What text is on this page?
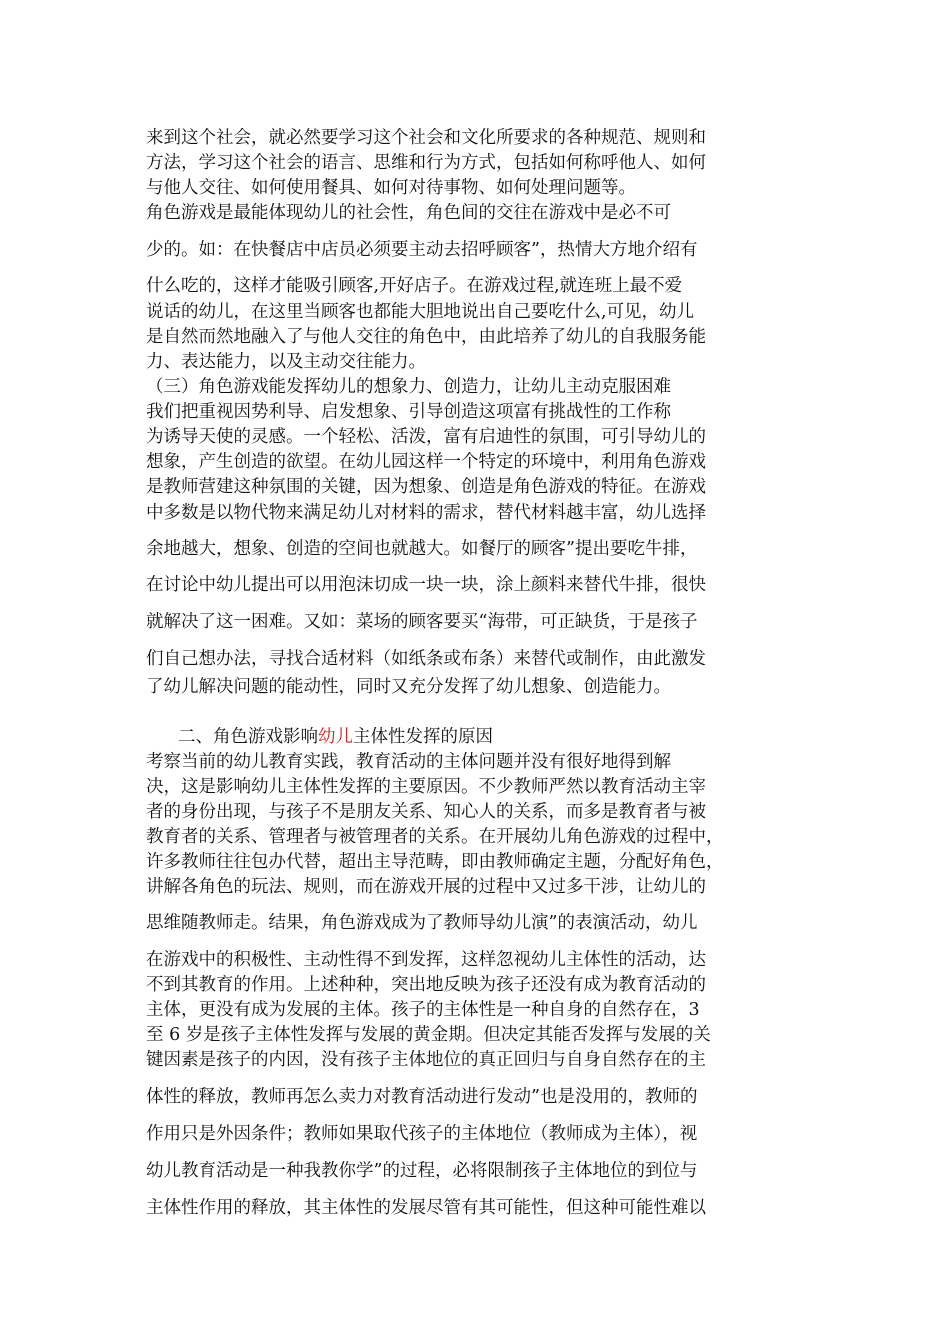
来到这个社会，就必然要学习这个社会和文化所要求的各种规范、规则和
方法，学习这个社会的语言、思维和行为方式，包括如何称呼他人、如何
与他人交往、如何使用餐具、如何对待事物、如何处理问题等。
角色游戏是最能体现幼儿的社会性，角色间的交往在游戏中是必不可
少的。如：在快餐店中店员必须要主动去招呼顾客”，热情大方地介绍有
什么吃的，这样才能吸引顾客,开好店子。在游戏过程,就连班上最不爱
说话的幼儿，在这里当顾客也都能大胆地说出自己要吃什么,可见，幼儿
是自然而然地融入了与他人交往的角色中，由此培养了幼儿的自我服务能
力、表达能力，以及主动交往能力。
（三）角色游戏能发挥幼儿的想象力、创造力，让幼儿主动克服困难
我们把重视因势利导、启发想象、引导创造这项富有挑战性的工作称
为诱导天使的灵感。一个轻松、活泼，富有启迪性的氛围，可引导幼儿的
想象，产生创造的欲望。在幼儿园这样一个特定的环境中，利用角色游戏
是教师营建这种氛围的关键，因为想象、创造是角色游戏的特征。在游戏
中多数是以物代物来满足幼儿对材料的需求，替代材料越丰富，幼儿选择
余地越大，想象、创造的空间也就越大。如餐厅的顾客”提出要吃牛排，
在讨论中幼儿提出可以用泡沫切成一块一块，涂上颜料来替代牛排，很快
就解决了这一困难。又如：菜场的顾客要买“海带，可正缺货，于是孩子
们自己想办法，寻找合适材料（如纸条或布条）来替代或制作，由此激发
了幼儿解决问题的能动性，同时又充分发挥了幼儿想象、创造能力。
二、角色游戏影响幼儿主体性发挥的原因
考察当前的幼儿教育实践，教育活动的主体问题并没有很好地得到解
决，这是影响幼儿主体性发挥的主要原因。不少教师严然以教育活动主宰
者的身份出现，与孩子不是朋友关系、知心人的关系，而多是教育者与被
教育者的关系、管理者与被管理者的关系。在开展幼儿角色游戏的过程中，
许多教师往往包办代替，超出主导范畴，即由教师确定主题，分配好角色，
讲解各角色的玩法、规则，而在游戏开展的过程中又过多干涉，让幼儿的
思维随教师走。结果，角色游戏成为了教师导幼儿演”的表演活动，幼儿
在游戏中的积极性、主动性得不到发挥，这样忽视幼儿主体性的活动，达
不到其教育的作用。上述种种，突出地反映为孩子还没有成为教育活动的
主体，更没有成为发展的主体。孩子的主体性是一种自身的自然存在，3
至 6 岁是孩子主体性发挥与发展的黄金期。但决定其能否发挥与发展的关
键因素是孩子的内因，没有孩子主体地位的真正回归与自身自然存在的主
体性的释放，教师再怎么卖力对教育活动进行发动”也是没用的，教师的
作用只是外因条件；教师如果取代孩子的主体地位（教师成为主体），视
幼儿教育活动是一种我教你学”的过程，必将限制孩子主体地位的到位与
主体性作用的释放，其主体性的发展尽管有其可能性，但这种可能性难以
